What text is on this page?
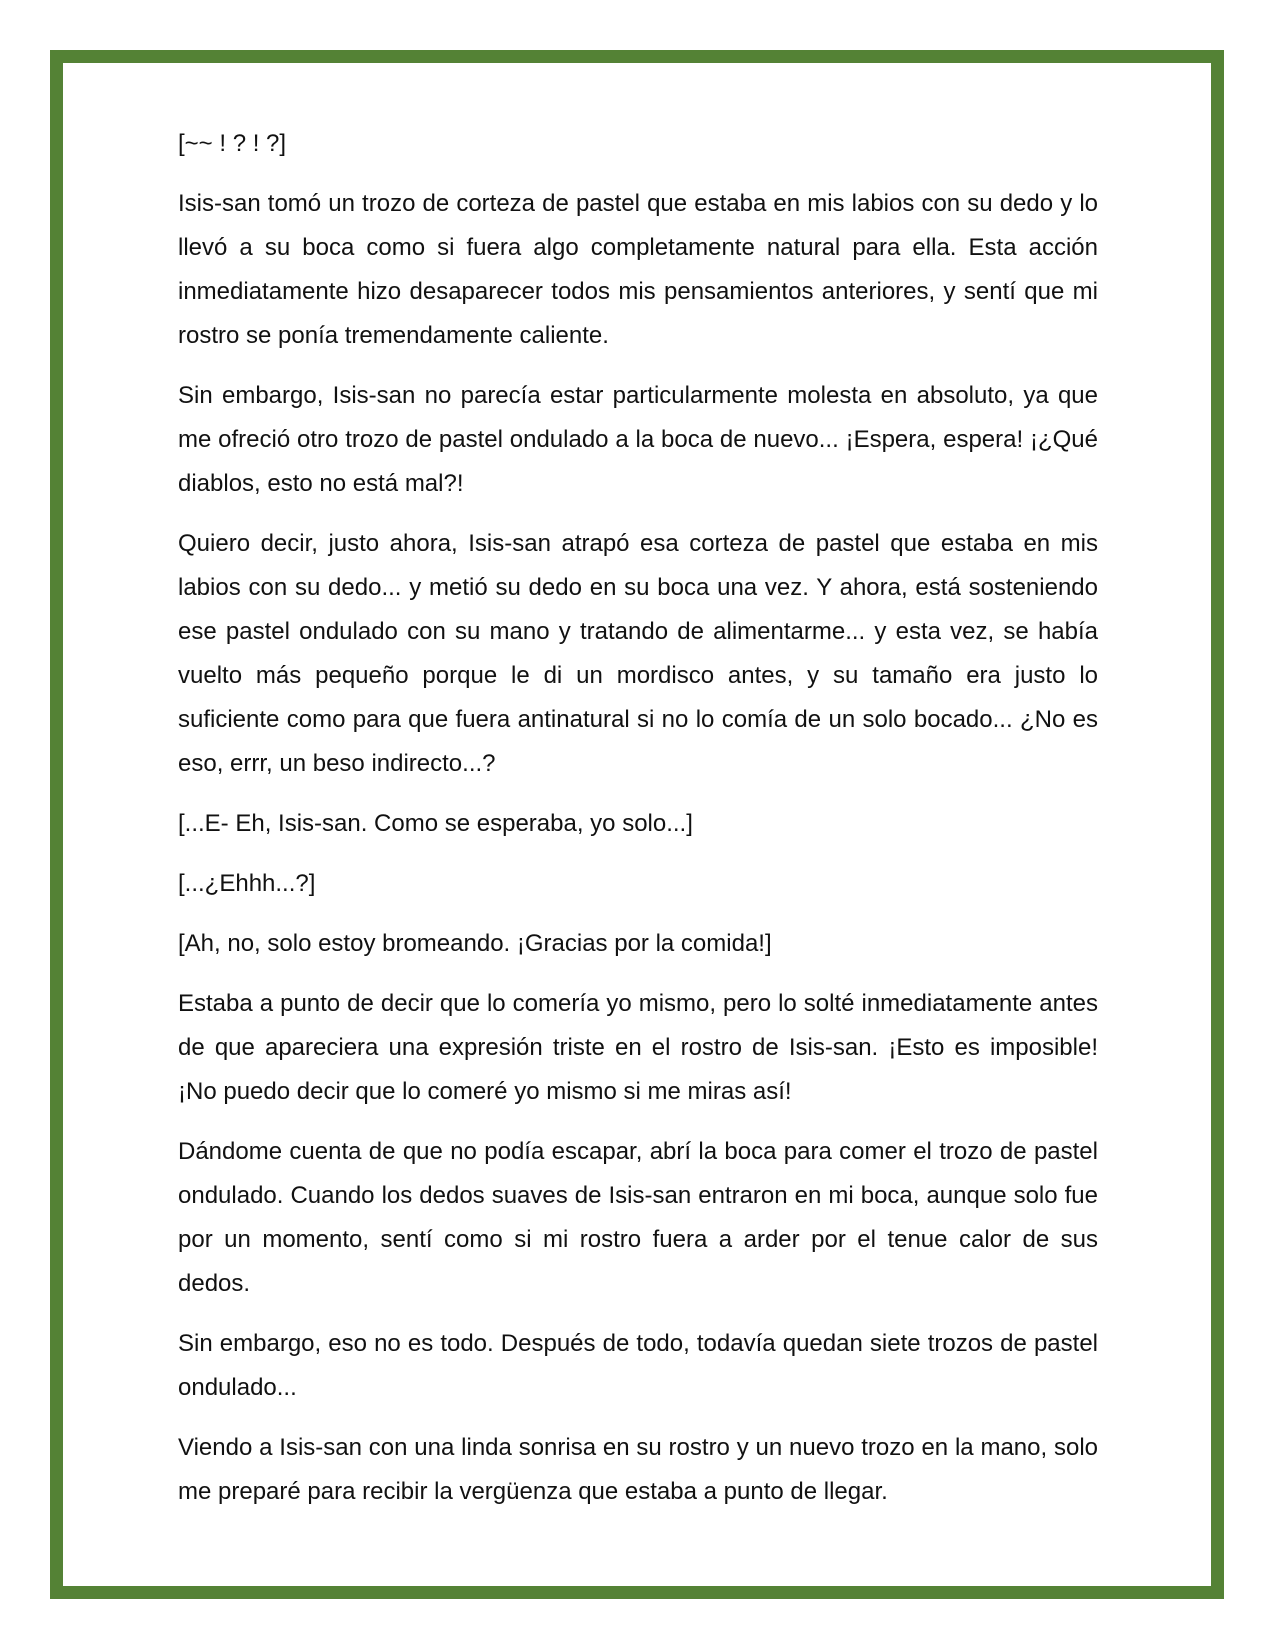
[~~ ! ? ! ?]

Isis-san tomó un trozo de corteza de pastel que estaba en mis labios con su dedo y lo llevó a su boca como si fuera algo completamente natural para ella. Esta acción inmediatamente hizo desaparecer todos mis pensamientos anteriores, y sentí que mi rostro se ponía tremendamente caliente.

Sin embargo, Isis-san no parecía estar particularmente molesta en absoluto, ya que me ofreció otro trozo de pastel ondulado a la boca de nuevo... ¡Espera, espera! ¡¿Qué diablos, esto no está mal?!

Quiero decir, justo ahora, Isis-san atrapó esa corteza de pastel que estaba en mis labios con su dedo... y metió su dedo en su boca una vez. Y ahora, está sosteniendo ese pastel ondulado con su mano y tratando de alimentarme... y esta vez, se había vuelto más pequeño porque le di un mordisco antes, y su tamaño era justo lo suficiente como para que fuera antinatural si no lo comía de un solo bocado... ¿No es eso, errr, un beso indirecto...?

[...E- Eh, Isis-san. Como se esperaba, yo solo...]

[...¿Ehhh...?]

[Ah, no, solo estoy bromeando. ¡Gracias por la comida!]

Estaba a punto de decir que lo comería yo mismo, pero lo solté inmediatamente antes de que apareciera una expresión triste en el rostro de Isis-san. ¡Esto es imposible! ¡No puedo decir que lo comeré yo mismo si me miras así!

Dándome cuenta de que no podía escapar, abrí la boca para comer el trozo de pastel ondulado. Cuando los dedos suaves de Isis-san entraron en mi boca, aunque solo fue por un momento, sentí como si mi rostro fuera a arder por el tenue calor de sus dedos.

Sin embargo, eso no es todo. Después de todo, todavía quedan siete trozos de pastel ondulado...

Viendo a Isis-san con una linda sonrisa en su rostro y un nuevo trozo en la mano, solo me preparé para recibir la vergüenza que estaba a punto de llegar.
